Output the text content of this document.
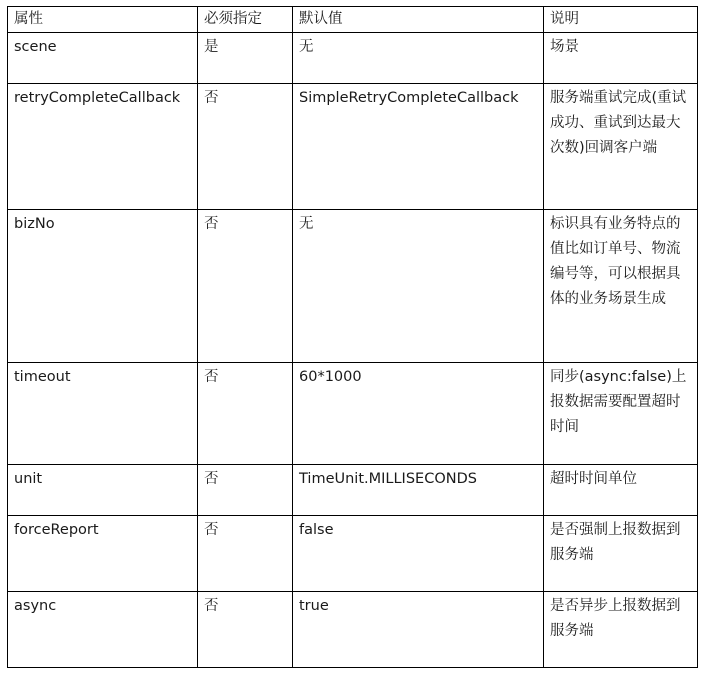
属性	必须指定	默认值	说明
scene	是	无	场景
retryCompleteCallback	否	SimpleRetryCompleteCallback	服务端重试完成(重试成功、重试到达最大次数)回调客户端
bizNo	否	无	标识具有业务特点的值比如订单号、物流编号等，可以根据具体的业务场景生成
timeout	否	60*1000	同步(async:false)上报数据需要配置超时时间
unit	否	TimeUnit.MILLISECONDS	超时时间单位
forceReport	否	false	是否强制上报数据到服务端
async	否	true	是否异步上报数据到服务端
